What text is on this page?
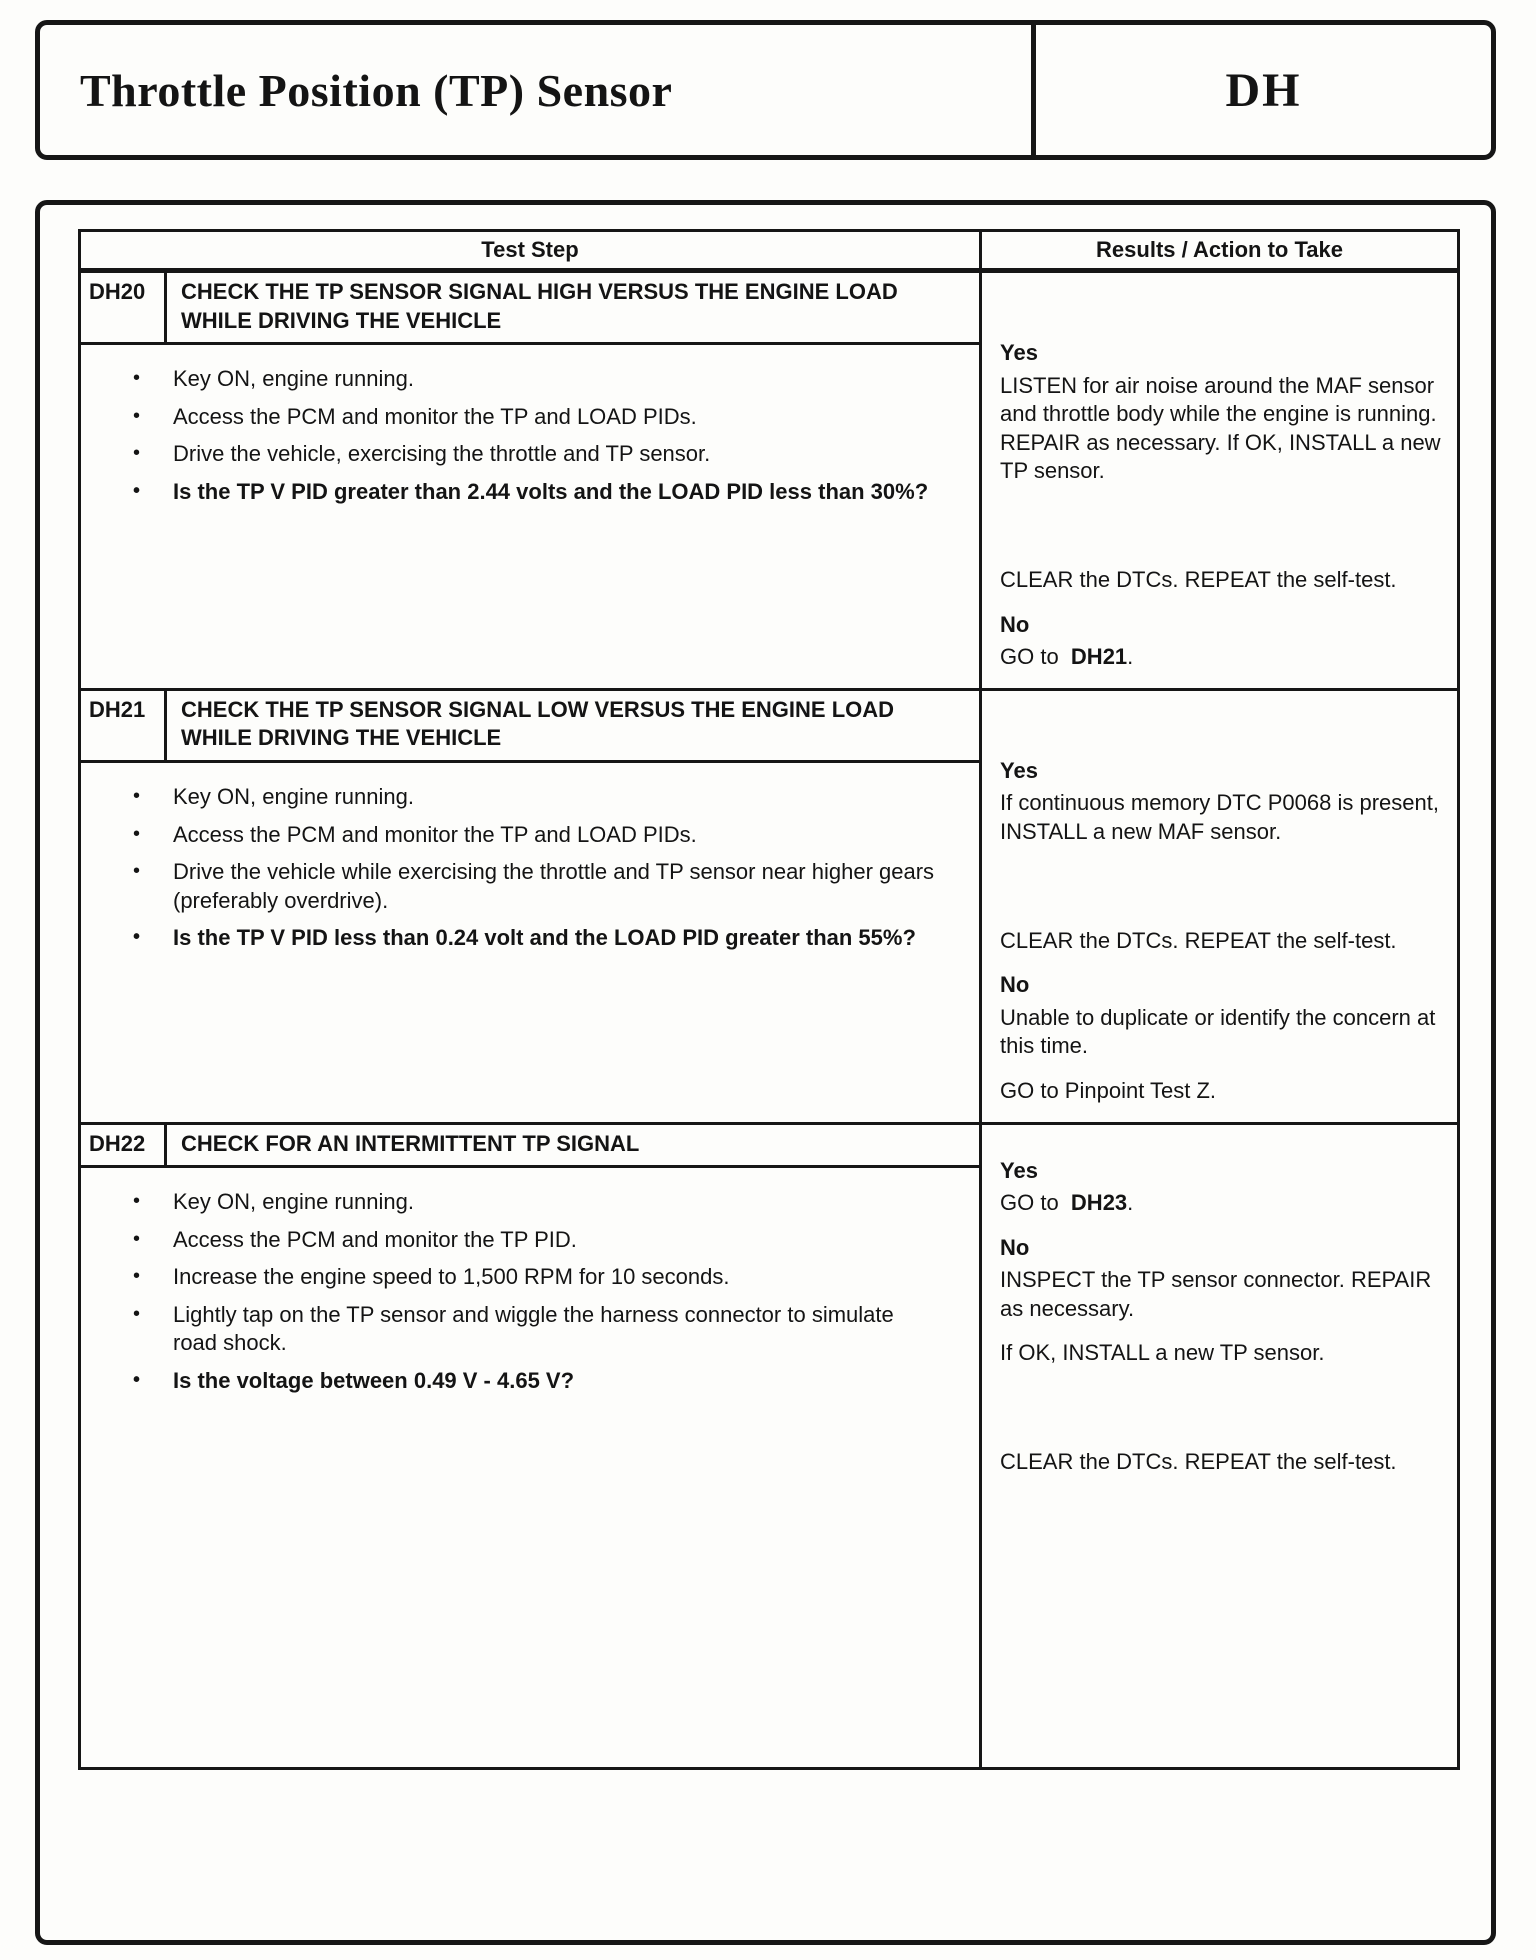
Throttle Position (TP) Sensor	DH
Test Step	Results / Action to Take
DH20	CHECK THE TP SENSOR SIGNAL HIGH VERSUS THE ENGINE LOAD WHILE DRIVING THE VEHICLE
•	Key ON, engine running.
•	Access the PCM and monitor the TP and LOAD PIDs.
•	Drive the vehicle, exercising the throttle and TP sensor.
•	Is the TP V PID greater than 2.44 volts and the LOAD PID less than 30%?
Yes
LISTEN for air noise around the MAF sensor and throttle body while the engine is running. REPAIR as necessary. If OK, INSTALL a new TP sensor.
CLEAR the DTCs. REPEAT the self-test.
No
GO to  DH21.
DH21	CHECK THE TP SENSOR SIGNAL LOW VERSUS THE ENGINE LOAD WHILE DRIVING THE VEHICLE
•	Key ON, engine running.
•	Access the PCM and monitor the TP and LOAD PIDs.
•	Drive the vehicle while exercising the throttle and TP sensor near higher gears (preferably overdrive).
•	Is the TP V PID less than 0.24 volt and the LOAD PID greater than 55%?
Yes
If continuous memory DTC P0068 is present, INSTALL a new MAF sensor.
CLEAR the DTCs. REPEAT the self-test.
No
Unable to duplicate or identify the concern at this time.
GO to Pinpoint Test Z.
DH22	CHECK FOR AN INTERMITTENT TP SIGNAL
•	Key ON, engine running.
•	Access the PCM and monitor the TP PID.
•	Increase the engine speed to 1,500 RPM for 10 seconds.
•	Lightly tap on the TP sensor and wiggle the harness connector to simulate road shock.
•	Is the voltage between 0.49 V - 4.65 V?
Yes
GO to  DH23.
No
INSPECT the TP sensor connector. REPAIR as necessary.
If OK, INSTALL a new TP sensor.
CLEAR the DTCs. REPEAT the self-test.
